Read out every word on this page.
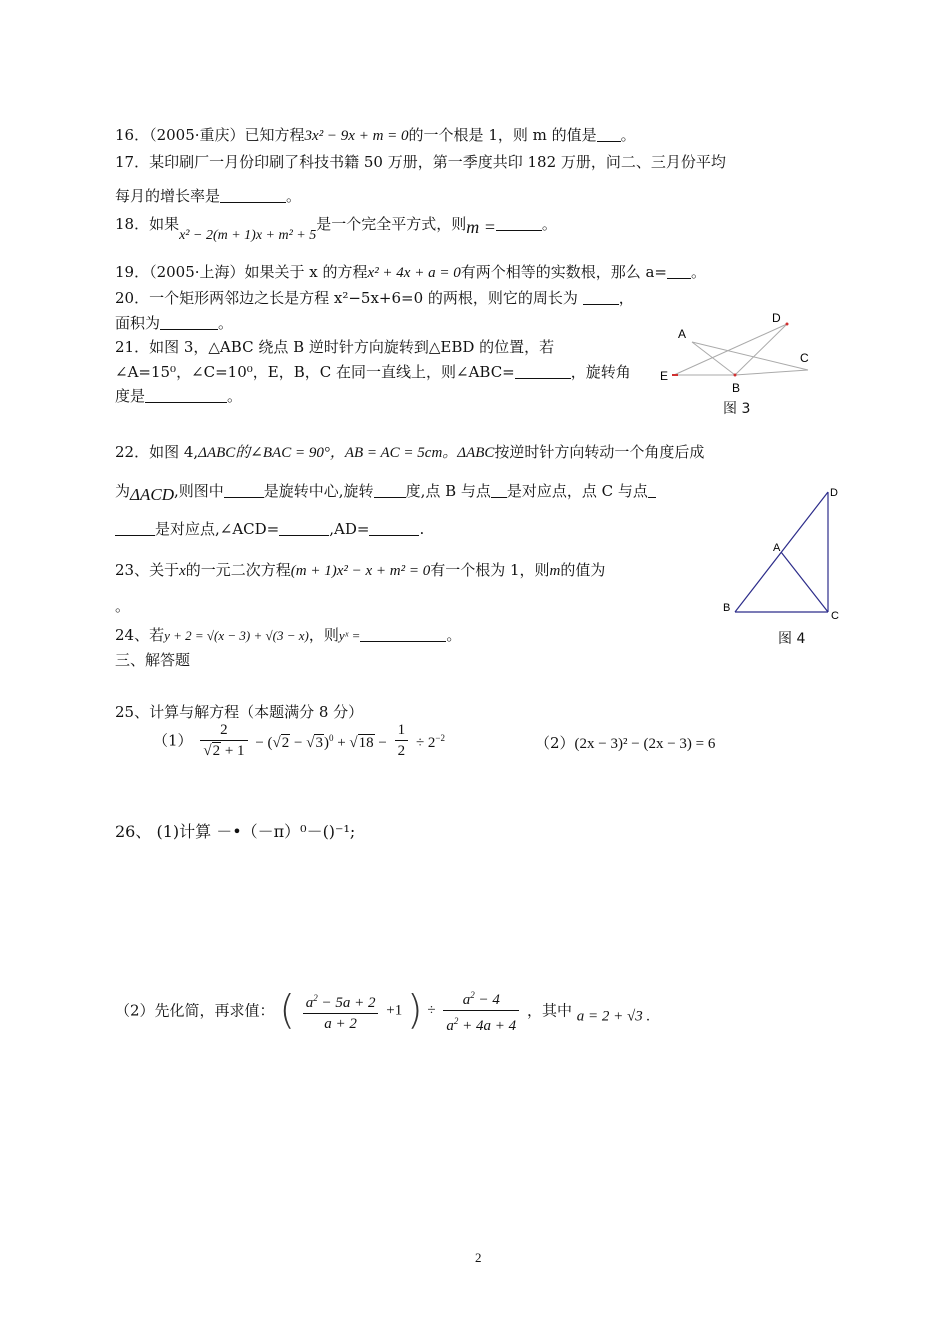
16．（2005·重庆）已知方程3x² − 9x + m = 0的一个根是 1，则 m 的值是 。
17．某印刷厂一月份印刷了科技书籍 50 万册，第一季度共印 182 万册，问二、三月份平均
每月的增长率是	。
18．如果x² − 2(m + 1)x + m² + 5是一个完全平方式，则m =	。
19．（2005·上海）如果关于 x 的方程x² + 4x + a = 0有两个相等的实数根，那么 a= 。
20．一个矩形两邻边之长是方程 x²−5x+6=0 的两根，则它的周长为	，
面积为	。
21．如图 3，△ABC 绕点 B 逆时针方向旋转到△EBD 的位置，若
∠A=15⁰，∠C=10⁰，E，B，C 在同一直线上，则∠ABC=	，旋转角
度是	。
A
B
C
D
E
图 3
22．如图 4,ΔABC的∠BAC = 90°，AB = AC = 5cm。ΔABC按逆时针方向转动一个角度后成
为ΔACD,则图中	是旋转中心,旋转 度,点 B 与点 是对应点，点 C 与点
是对应点,∠ACD=	,AD=	.
D
A
B
C
图 4
23、关于x的一元二次方程(m + 1)x² − x + m² = 0有一个根为 1，则m的值为
。
24、若y + 2 = √(x − 3) + √(3 − x)，则yˣ =	。
三、解答题
25、计算与解方程（本题满分 8 分）
$(1) \frac{2}{√2 + 1} - (√2 - √3)^0 + √18 - \frac{1}{2} \div 2^{-2}$	（2）(2x − 3)² − (2x − 3) = 6
26、 (1)计算 －•（－π）⁰－()⁻¹;
（2）先化简，再求值： ( $\frac{a^2 - 5a + 2}{a + 2} +1$ ) ÷ $\frac{a^2 - 4}{a^2 + 4a + 4}$ ，其中 a = 2 + √3 .
2
